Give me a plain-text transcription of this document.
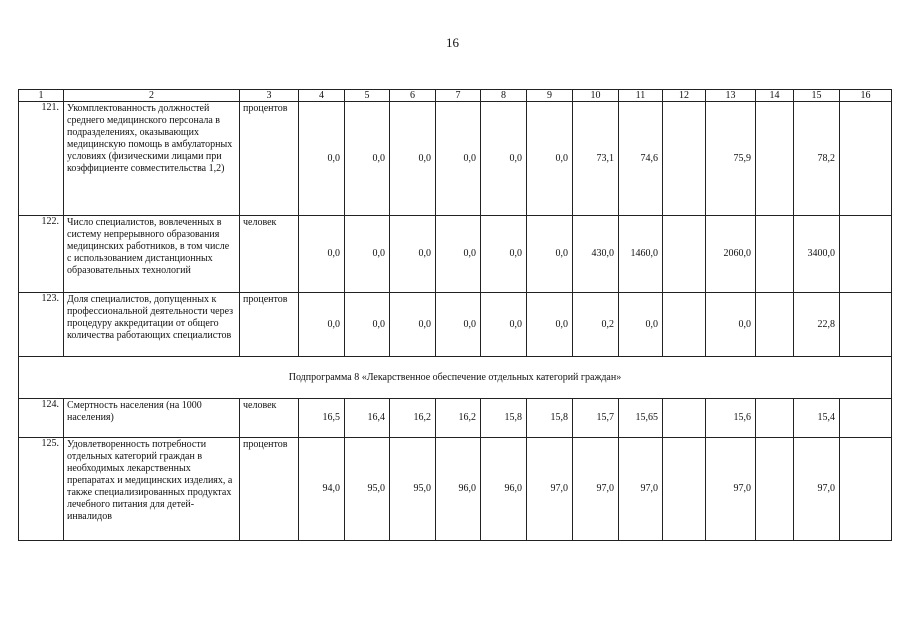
16
1	2	3	4	5	6	7	8	9	10	11	12	13	14	15	16
121.	Укомплектованность должностей среднего медицинского персонала в подразделениях, оказывающих медицинскую помощь в амбулаторных условиях (физическими лицами при коэффициенте совместительства 1,2)	процентов	0,0	0,0	0,0	0,0	0,0	0,0	73,1	74,6		75,9		78,2	
122.	Число специалистов, вовлеченных в систему непрерывного образования медицинских работников, в том числе с использованием дистанционных образовательных технологий	человек	0,0	0,0	0,0	0,0	0,0	0,0	430,0	1460,0		2060,0		3400,0	
123.	Доля специалистов, допущенных к профессиональной деятельности через процедуру аккредитации от общего количества работающих специалистов	процентов	0,0	0,0	0,0	0,0	0,0	0,0	0,2	0,0		0,0		22,8	
Подпрограмма 8 «Лекарственное обеспечение отдельных категорий граждан»															
124.	Смертность населения (на 1000 населения)	человек	16,5	16,4	16,2	16,2	15,8	15,8	15,7	15,65		15,6		15,4	
125.	Удовлетворенность потребности отдельных категорий граждан в необходимых лекарственных препаратах и медицинских изделиях, а также специализированных продуктах лечебного питания для детей-инвалидов	процентов	94,0	95,0	95,0	96,0	96,0	97,0	97,0	97,0		97,0		97,0	
